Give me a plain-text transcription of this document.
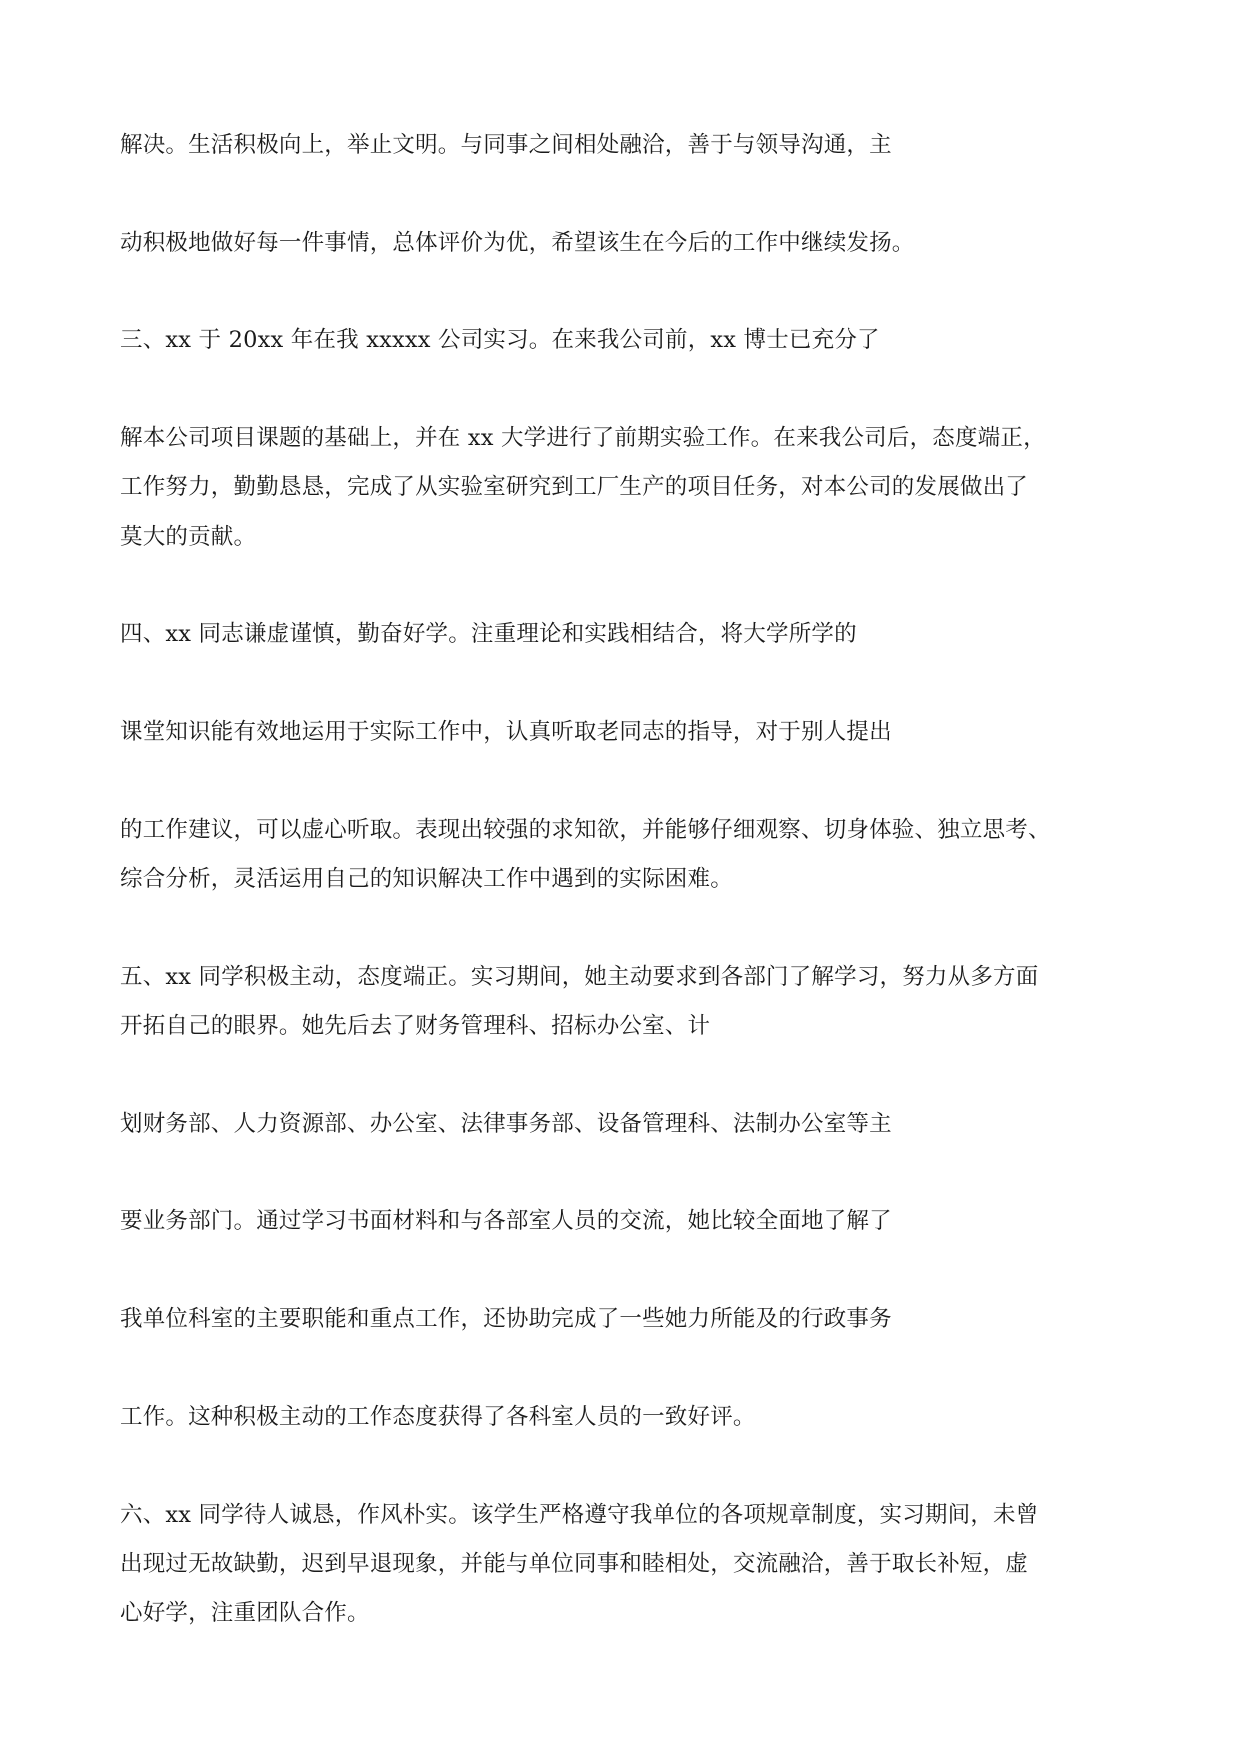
解决。生活积极向上，举止文明。与同事之间相处融洽，善于与领导沟通，主
动积极地做好每一件事情，总体评价为优，希望该生在今后的工作中继续发扬。
三、xx 于 20xx 年在我 xxxxx 公司实习。在来我公司前，xx 博士已充分了
解本公司项目课题的基础上，并在 xx 大学进行了前期实验工作。在来我公司后，态度端正，
工作努力，勤勤恳恳，完成了从实验室研究到工厂生产的项目任务，对本公司的发展做出了
莫大的贡献。
四、xx 同志谦虚谨慎，勤奋好学。注重理论和实践相结合，将大学所学的
课堂知识能有效地运用于实际工作中，认真听取老同志的指导，对于别人提出
的工作建议，可以虚心听取。表现出较强的求知欲，并能够仔细观察、切身体验、独立思考、
综合分析，灵活运用自己的知识解决工作中遇到的实际困难。
五、xx 同学积极主动，态度端正。实习期间，她主动要求到各部门了解学习，努力从多方面
开拓自己的眼界。她先后去了财务管理科、招标办公室、计
划财务部、人力资源部、办公室、法律事务部、设备管理科、法制办公室等主
要业务部门。通过学习书面材料和与各部室人员的交流，她比较全面地了解了
我单位科室的主要职能和重点工作，还协助完成了一些她力所能及的行政事务
工作。这种积极主动的工作态度获得了各科室人员的一致好评。
六、xx 同学待人诚恳，作风朴实。该学生严格遵守我单位的各项规章制度，实习期间，未曾
出现过无故缺勤，迟到早退现象，并能与单位同事和睦相处，交流融洽，善于取长补短，虚
心好学，注重团队合作。
